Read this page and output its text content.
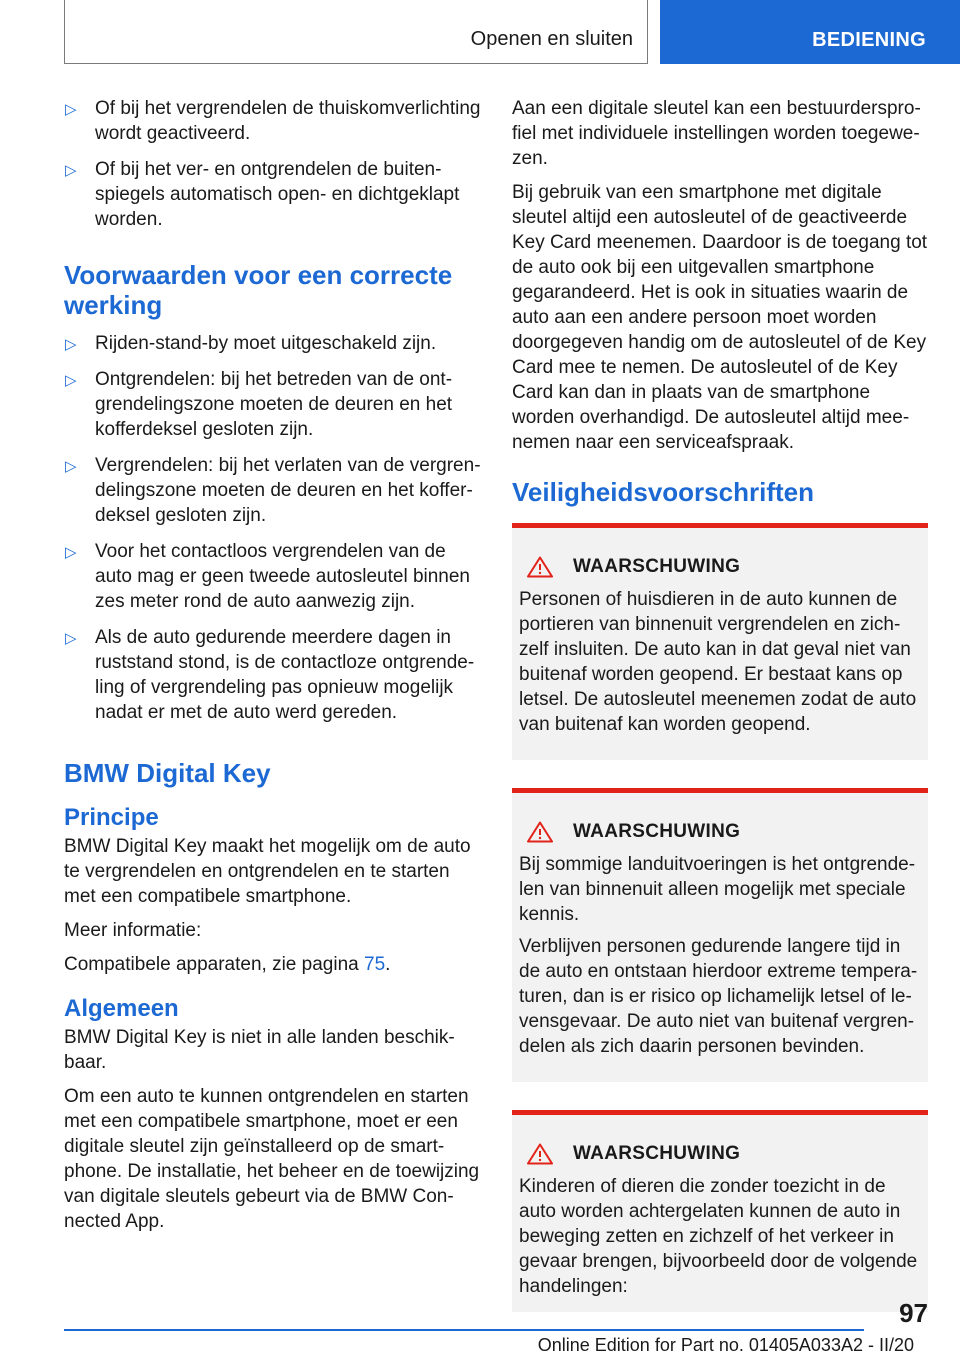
Openen en sluiten	BEDIENING
▷ Of bij het vergrendelen de thuiskomverlichting wordt geactiveerd.
▷ Of bij het ver- en ontgrendelen de buitenspiegels automatisch open- en dichtgeklapt worden.
Voorwaarden voor een correcte werking
▷ Rijden-stand-by moet uitgeschakeld zijn.
▷ Ontgrendelen: bij het betreden van de ontgrendelingszone moeten de deuren en het kofferdeksel gesloten zijn.
▷ Vergrendelen: bij het verlaten van de vergrendelingszone moeten de deuren en het kofferdeksel gesloten zijn.
▷ Voor het contactloos vergrendelen van de auto mag er geen tweede autosleutel binnen zes meter rond de auto aanwezig zijn.
▷ Als de auto gedurende meerdere dagen in ruststand stond, is de contactloze ontgrendeling of vergrendeling pas opnieuw mogelijk nadat er met de auto werd gereden.
BMW Digital Key
Principe

BMW Digital Key maakt het mogelijk om de auto te vergrendelen en ontgrendelen en te starten met een compatibele smartphone.

Meer informatie:

Compatibele apparaten, zie pagina 75.

Algemeen

BMW Digital Key is niet in alle landen beschikbaar.

Om een auto te kunnen ontgrendelen en starten met een compatibele smartphone, moet er een digitale sleutel zijn geïnstalleerd op de smartphone. De installatie, het beheer en de toewijzing van digitale sleutels gebeurt via de BMW Connected App.

Aan een digitale sleutel kan een bestuurdersprofiel met individuele instellingen worden toegewezen.

Bij gebruik van een smartphone met digitale sleutel altijd een autosleutel of de geactiveerde Key Card meenemen. Daardoor is de toegang tot de auto ook bij een uitgevallen smartphone gegarandeerd. Het is ook in situaties waarin de auto aan een andere persoon moet worden doorgegeven handig om de autosleutel of de Key Card mee te nemen. De autosleutel of de Key Card kan dan in plaats van de smartphone worden overhandigd. De autosleutel altijd meenemen naar een serviceafspraak.

Veiligheidsvoorschriften
WAARSCHUWING

Personen of huisdieren in de auto kunnen de portieren van binnenuit vergrendelen en zichzelf insluiten. De auto kan in dat geval niet van buitenaf worden geopend. Er bestaat kans op letsel. De autosleutel meenemen zodat de auto van buitenaf kan worden geopend.

WAARSCHUWING

Bij sommige landuitvoeringen is het ontgrendelen van binnenuit alleen mogelijk met speciale kennis.

Verblijven personen gedurende langere tijd in de auto en ontstaan hierdoor extreme temperaturen, dan is er risico op lichamelijk letsel of levensgevaar. De auto niet van buitenaf vergrendelen als zich daarin personen bevinden.

WAARSCHUWING

Kinderen of dieren die zonder toezicht in de auto worden achtergelaten kunnen de auto in beweging zetten en zichzelf of het verkeer in gevaar brengen, bijvoorbeeld door de volgende handelingen:

97
Online Edition for Part no. 01405A033A2 - II/20
